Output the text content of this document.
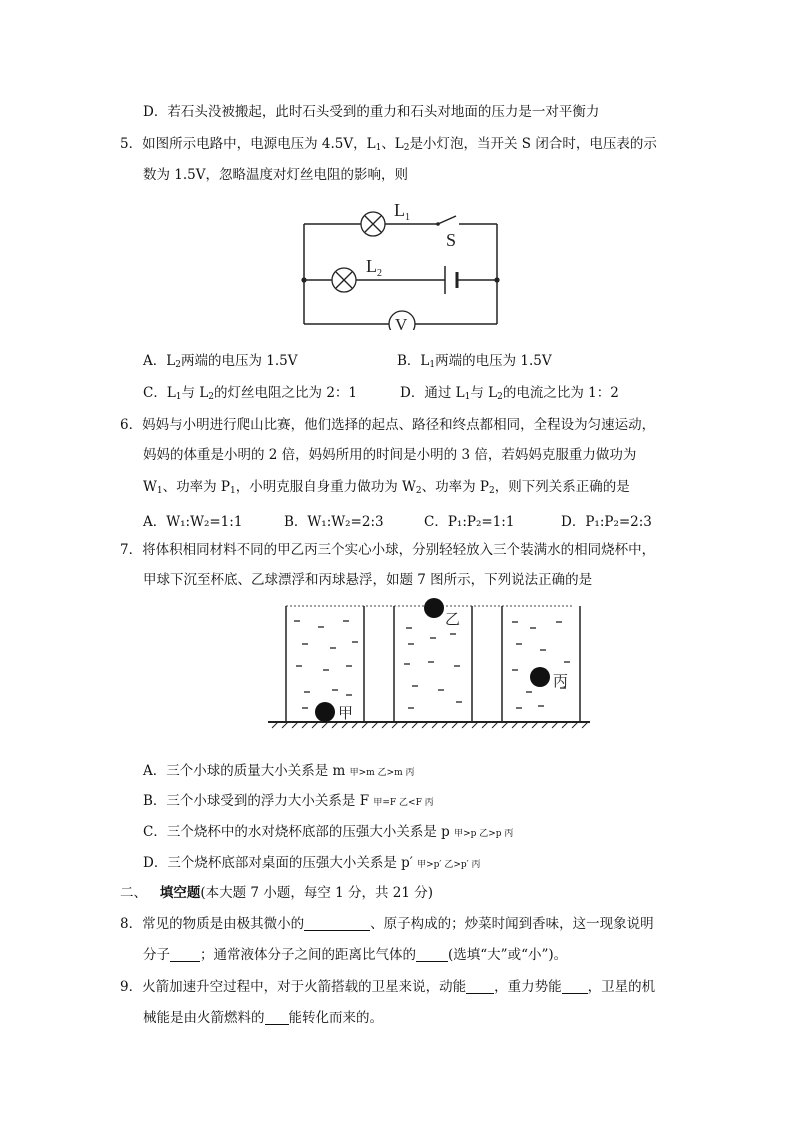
D．若石头没被搬起，此时石头受到的重力和石头对地面的压力是一对平衡力
5．如图所示电路中，电源电压为 4.5V，$L_1$、$L_2$是小灯泡，当开关 S 闭合时，电压表的示
数为 1.5V，忽略温度对灯丝电阻的影响，则
V
$L_1$
$L_2$
S
A．$L_2$两端的电压为 1.5V	B．$L_1$两端的电压为 1.5V
C．$L_1$与 $L_2$的灯丝电阻之比为 2：1	D．通过 $L_1$与 $L_2$的电流之比为 1：2
6．妈妈与小明进行爬山比赛，他们选择的起点、路径和终点都相同，全程设为匀速运动，
妈妈的体重是小明的 2 倍，妈妈所用的时间是小明的 3 倍，若妈妈克服重力做功为
$W_1$、功率为 $P_1$，小明克服自身重力做功为 $W_2$、功率为 $P_2$，则下列关系正确的是
A．W₁:W₂=1:1	B．W₁:W₂=2:3	C．P₁:P₂=1:1	D．P₁:P₂=2:3
7．将体积相同材料不同的甲乙丙三个实心小球，分别轻轻放入三个装满水的相同烧杯中，
甲球下沉至杯底、乙球漂浮和丙球悬浮，如题 7 图所示，下列说法正确的是
甲
乙
丙
A．三个小球的质量大小关系是 m 甲>m 乙>m 丙
B．三个小球受到的浮力大小关系是 F 甲=F 乙<F 丙
C．三个烧杯中的水对烧杯底部的压强大小关系是 p 甲>p 乙>p 丙
D．三个烧杯底部对桌面的压强大小关系是 p′ 甲>p′ 乙>p′ 丙
二、 填空题(本大题 7 小题，每空 1 分，共 21 分)
8．常见的物质是由极其微小的	、原子构成的；炒菜时闻到香味，这一现象说明
分子 ；通常液体分子之间的距离比气体的 (选填“大”或“小”)。
9．火箭加速升空过程中，对于火箭搭载的卫星来说，动能 ，重力势能 ，卫星的机
械能是由火箭燃料的 能转化而来的。
